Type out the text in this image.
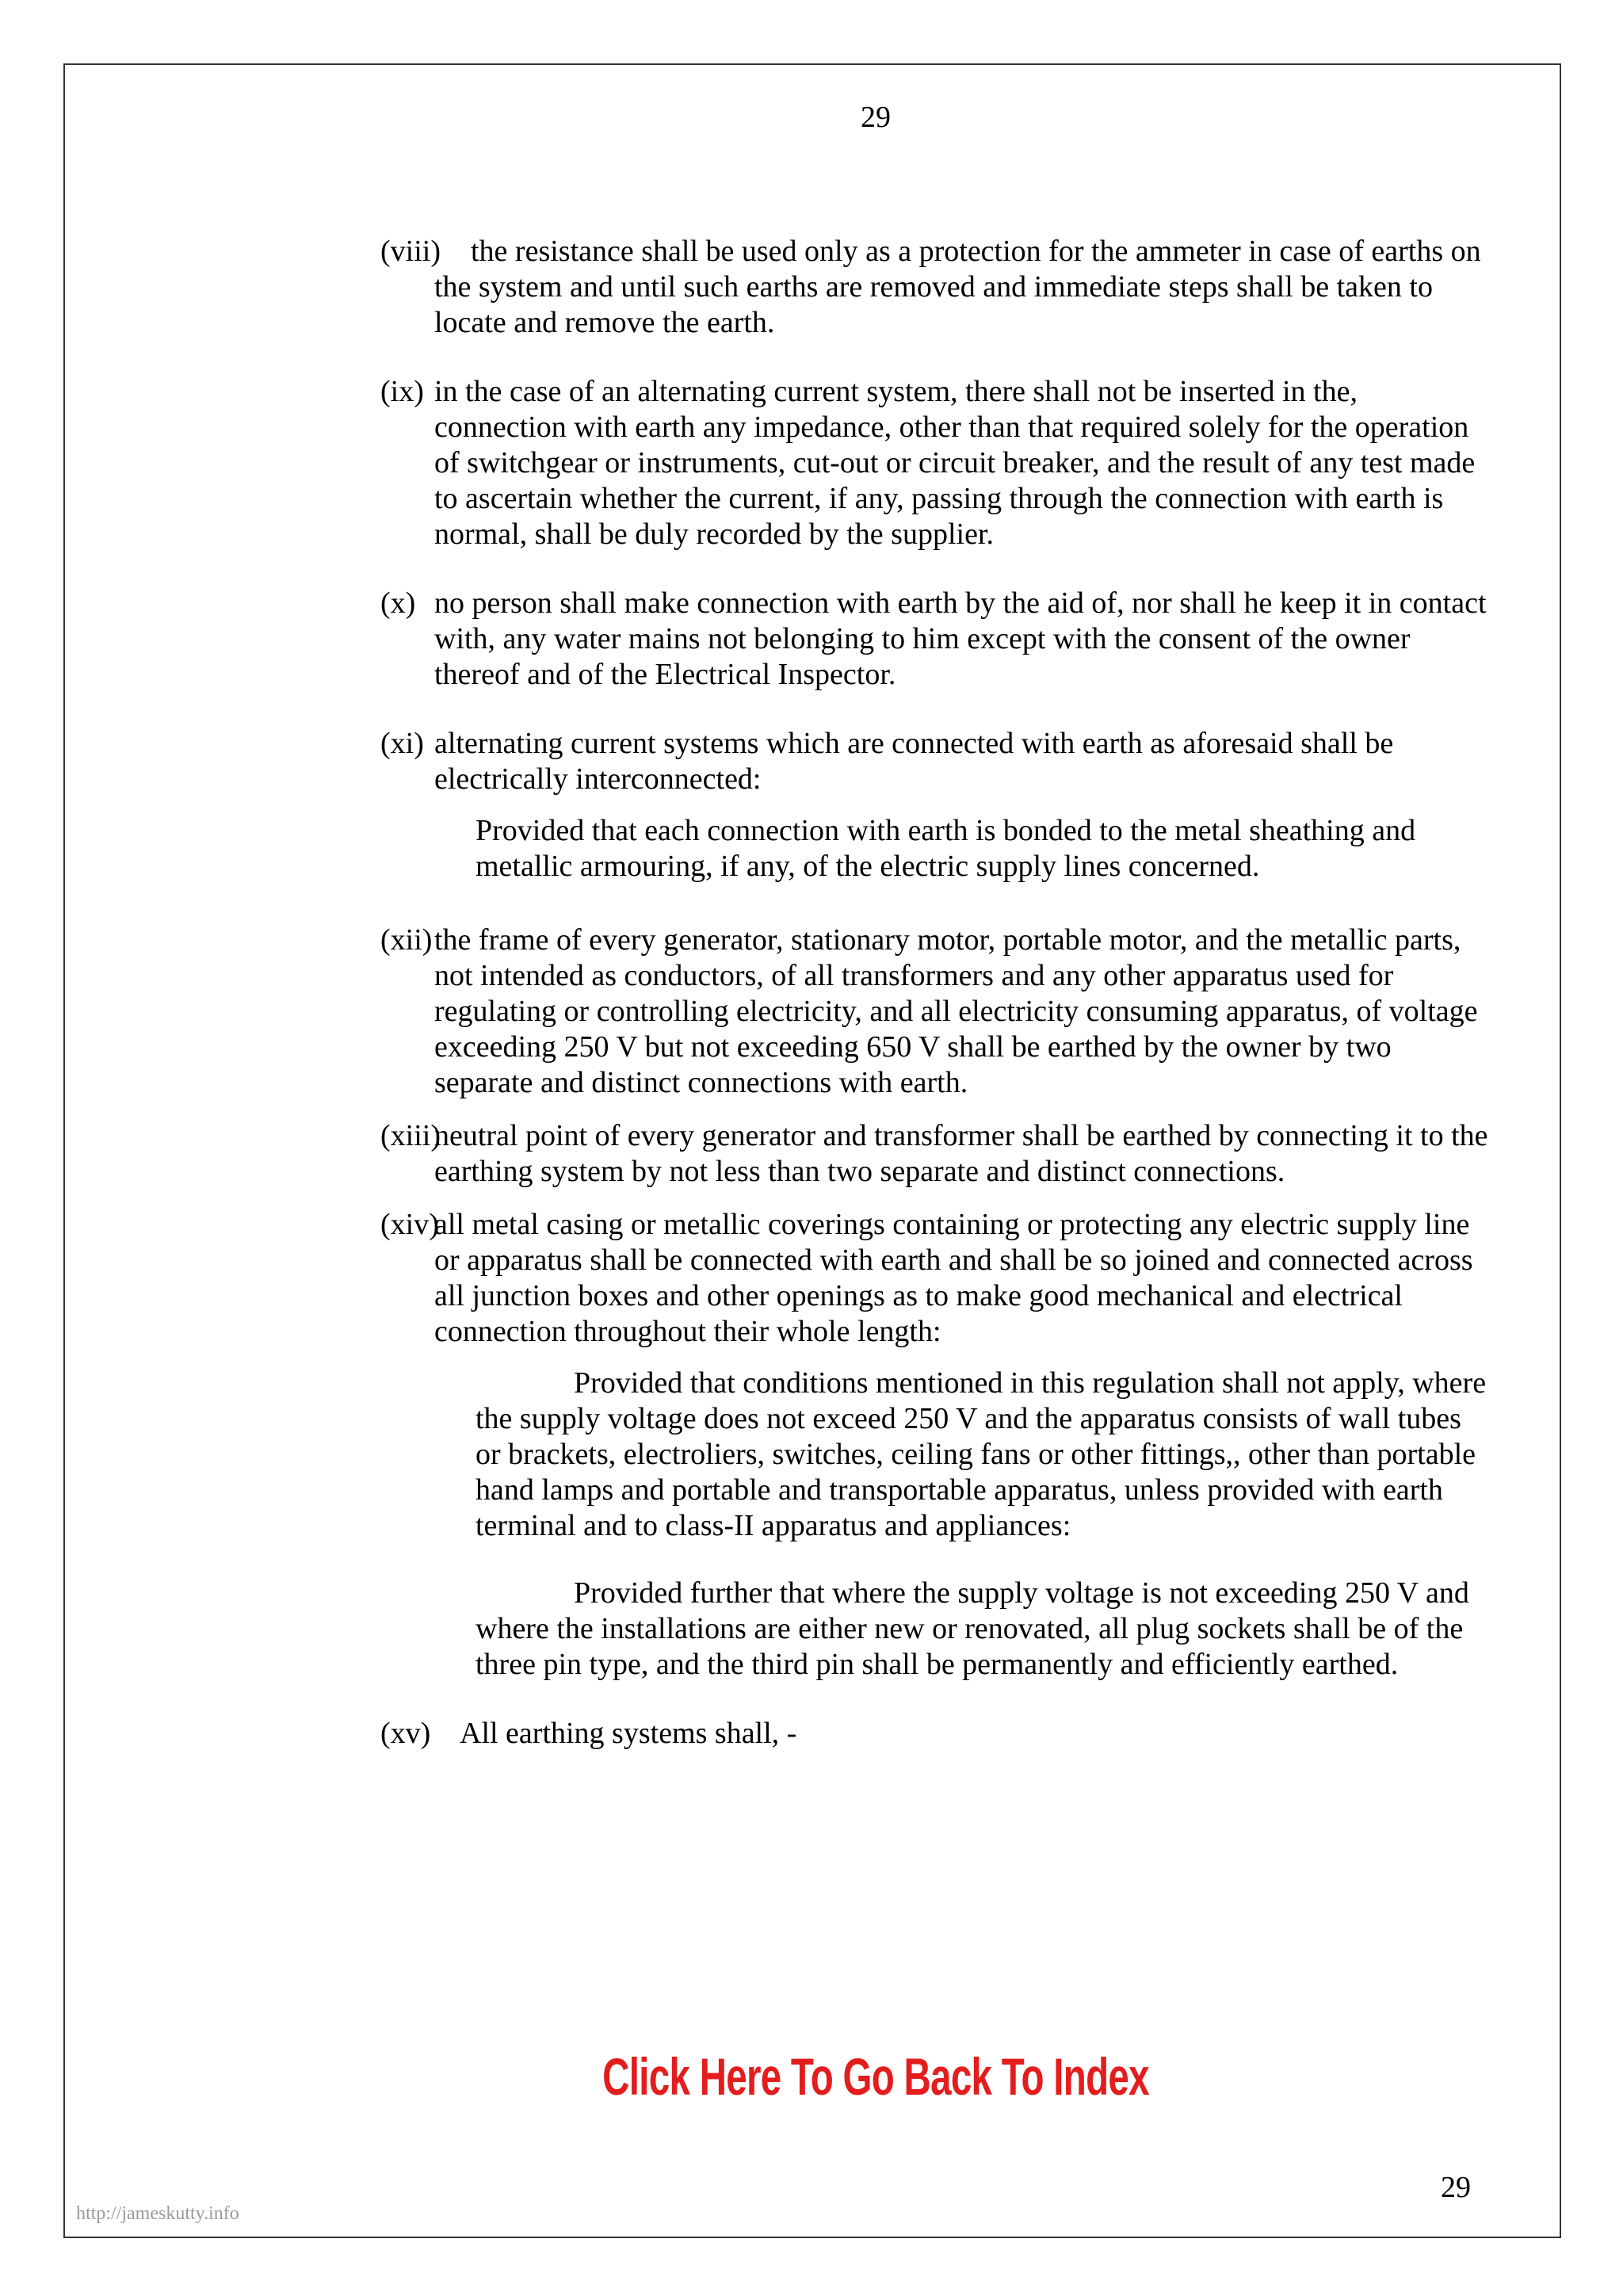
29
(viii)	the resistance shall be used only as a protection for the ammeter in case of earths on the system and until such earths are removed and immediate steps shall be taken to locate and remove the earth.
(ix) in the case of an alternating current system, there shall not be inserted in the, connection with earth any impedance, other than that required solely for the operation of switchgear or instruments, cut-out or circuit breaker, and the result of any test made to ascertain whether the current, if any, passing through the connection with earth is normal, shall be duly recorded by the supplier.
(x) no person shall make connection with earth by the aid of, nor shall he keep it in contact with, any water mains not belonging to him except with the consent of the owner thereof and of the Electrical Inspector.
(xi) alternating current systems which are connected with earth as aforesaid shall be electrically interconnected:
Provided that each connection with earth is bonded to the metal sheathing and metallic armouring, if any, of the electric supply lines concerned.
(xii) the frame of every generator, stationary motor, portable motor, and the metallic parts, not intended as conductors, of all transformers and any other apparatus used for regulating or controlling electricity, and all electricity consuming apparatus, of voltage exceeding 250 V but not exceeding 650 V shall be earthed by the owner by two separate and distinct connections with earth.
(xiii)
neutral point of every generator and transformer shall be earthed by connecting it to the earthing system by not less than two separate and distinct connections.
(xiv)
all metal casing or metallic coverings containing or protecting any electric supply line or apparatus shall be connected with earth and shall be so joined and connected across all junction boxes and other openings as to make good mechanical and electrical connection throughout their whole length:
Provided that conditions mentioned in this regulation shall not apply, where the supply voltage does not exceed 250 V and the apparatus consists of wall tubes or brackets, electroliers, switches, ceiling fans or other fittings,, other than portable hand lamps and portable and transportable apparatus, unless provided with earth terminal and to class-II apparatus and appliances:
Provided further that where the supply voltage is not exceeding 250 V and where the installations are either new or renovated, all plug sockets shall be of the three pin type, and the third pin shall be permanently and efficiently earthed.
(xv) All earthing systems shall, -
Click Here To Go Back To Index
29
http://jameskutty.info
